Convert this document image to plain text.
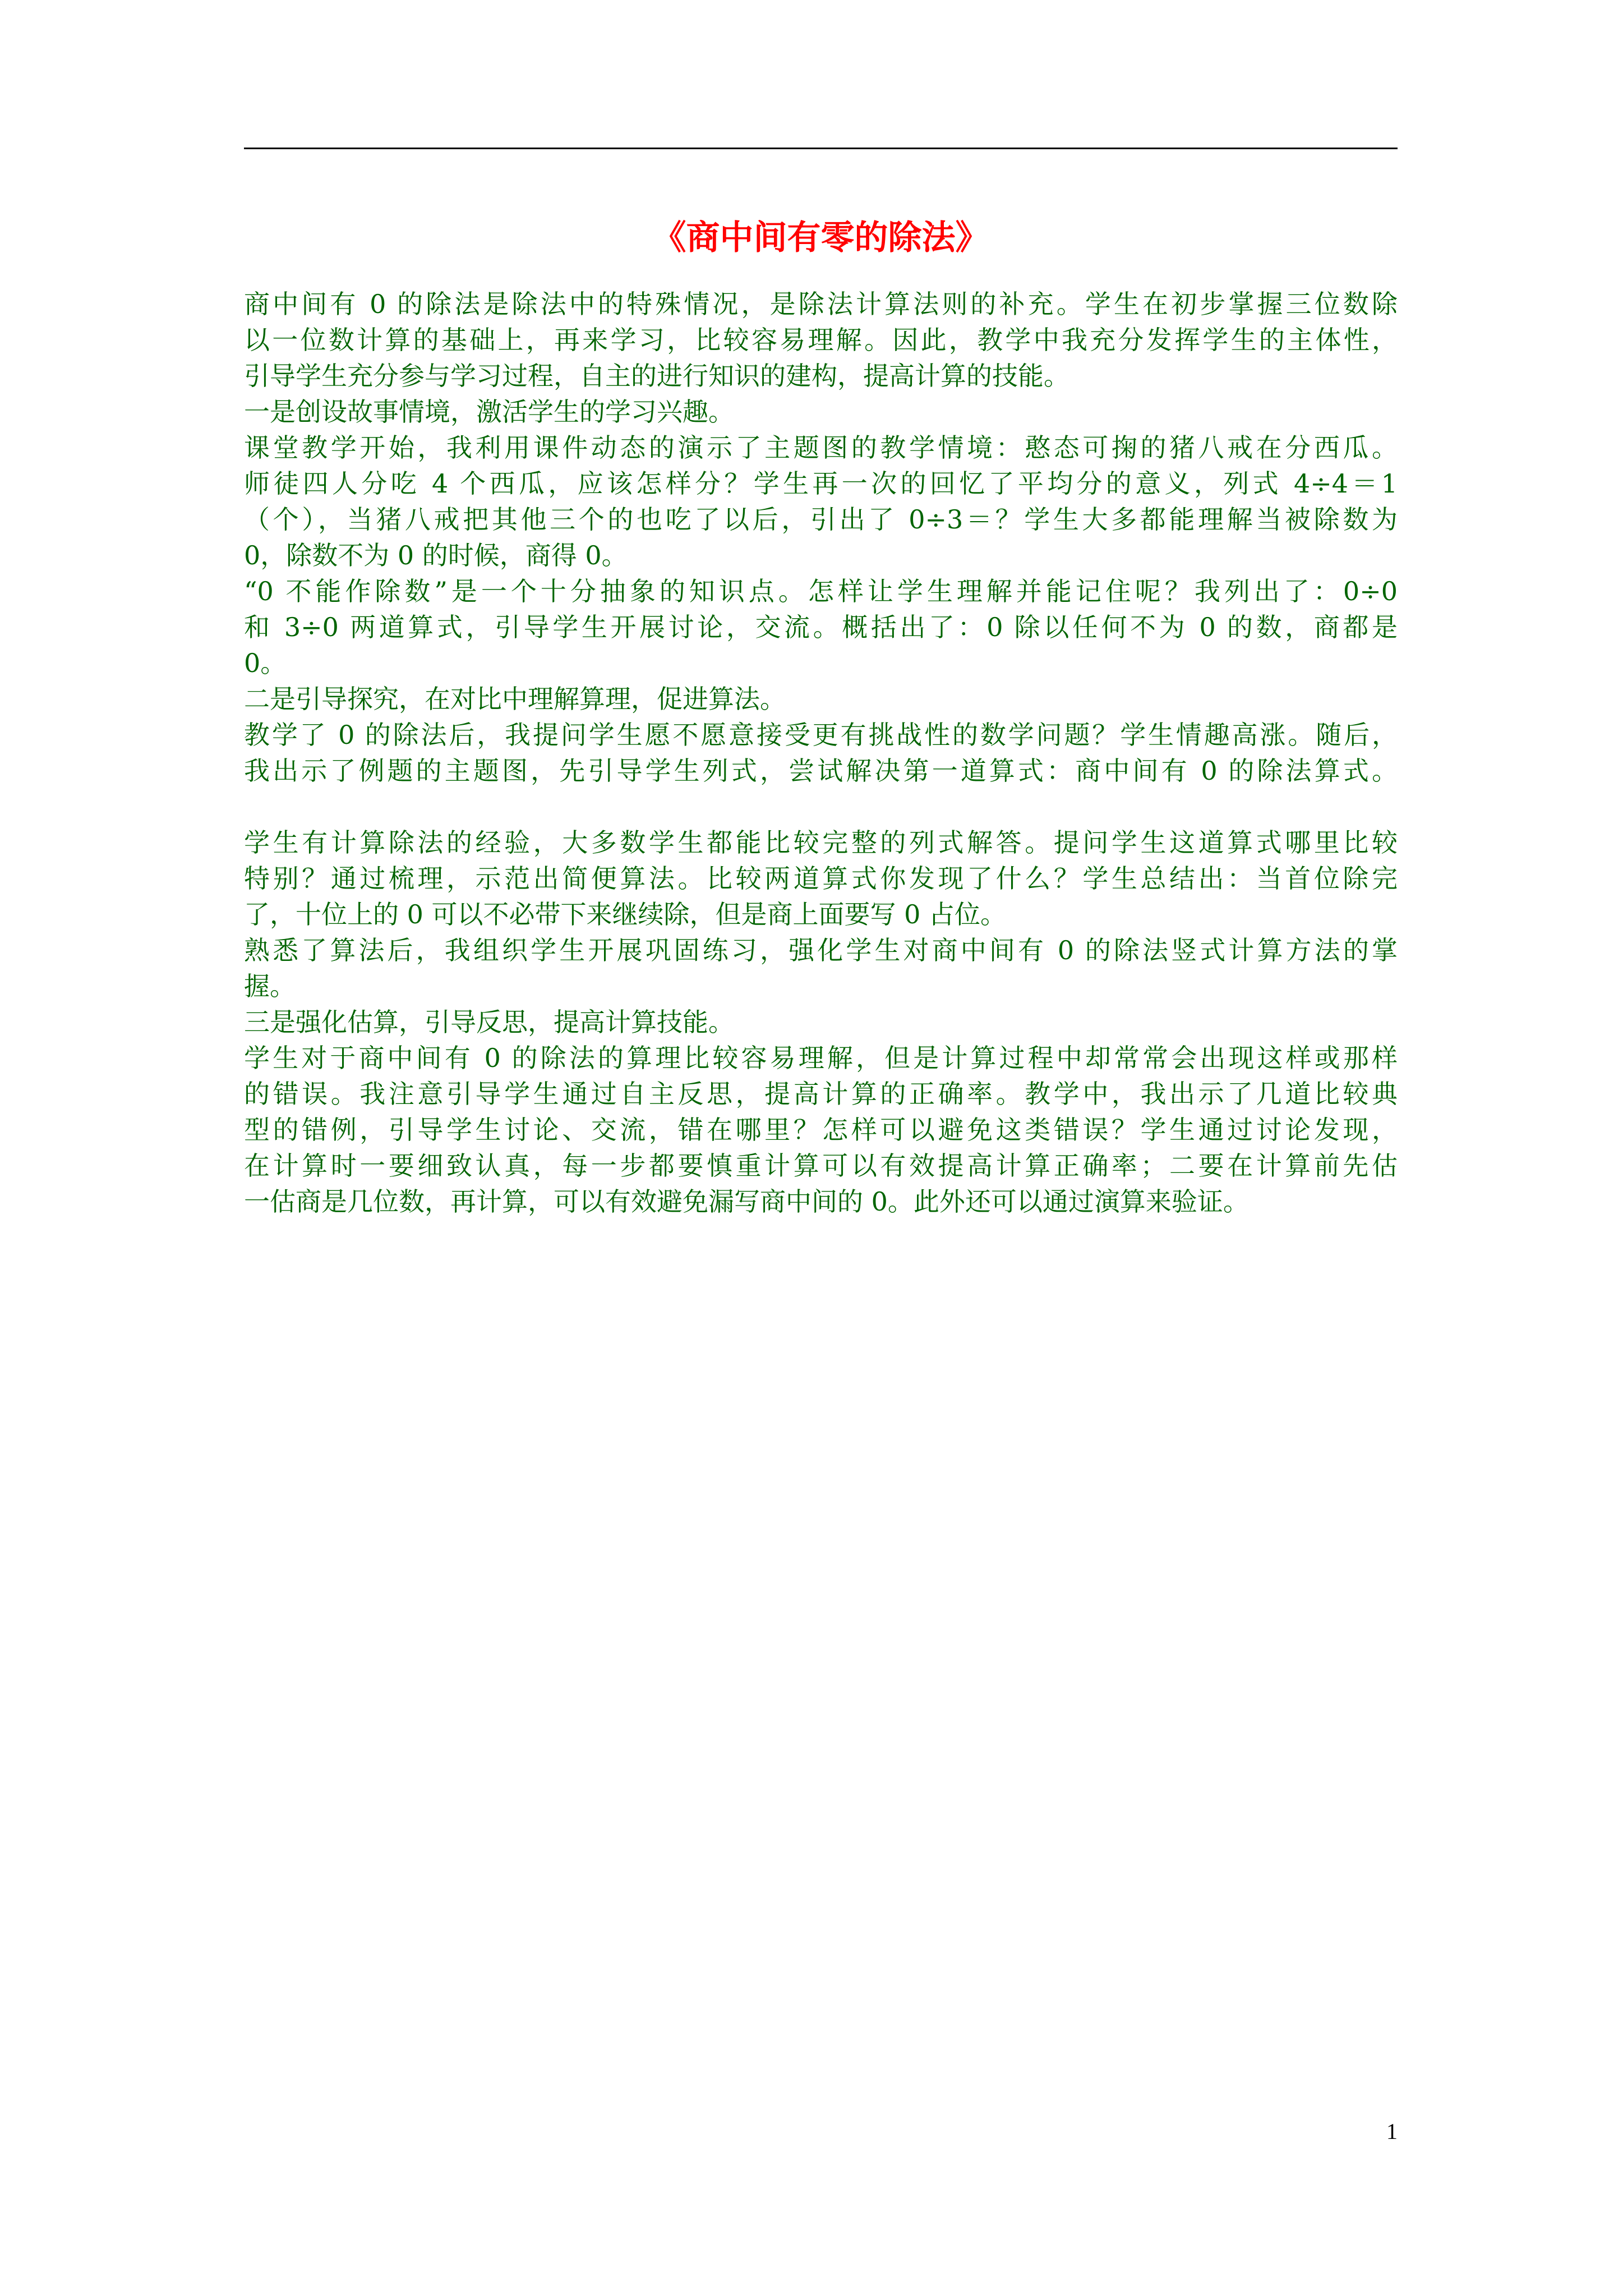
《商中间有零的除法》
商中间有 0 的除法是除法中的特殊情况，是除法计算法则的补充。学生在初步掌握三位数除
以一位数计算的基础上，再来学习，比较容易理解。因此，教学中我充分发挥学生的主体性，
引导学生充分参与学习过程，自主的进行知识的建构，提高计算的技能。
一是创设故事情境，激活学生的学习兴趣。
课堂教学开始，我利用课件动态的演示了主题图的教学情境：憨态可掬的猪八戒在分西瓜。
师徒四人分吃 4 个西瓜，应该怎样分？学生再一次的回忆了平均分的意义，列式 4÷4＝1
（个），当猪八戒把其他三个的也吃了以后，引出了 0÷3＝？学生大多都能理解当被除数为
0，除数不为 0 的时候，商得 0。
“0 不能作除数”是一个十分抽象的知识点。怎样让学生理解并能记住呢？我列出了：0÷0
和 3÷0 两道算式，引导学生开展讨论，交流。概括出了：0 除以任何不为 0 的数，商都是
0。
二是引导探究，在对比中理解算理，促进算法。
教学了 0 的除法后，我提问学生愿不愿意接受更有挑战性的数学问题？学生情趣高涨。随后，
我出示了例题的主题图，先引导学生列式，尝试解决第一道算式：商中间有 0 的除法算式。
学生有计算除法的经验，大多数学生都能比较完整的列式解答。提问学生这道算式哪里比较
特别？通过梳理，示范出简便算法。比较两道算式你发现了什么？学生总结出：当首位除完
了，十位上的 0 可以不必带下来继续除，但是商上面要写 0 占位。
熟悉了算法后，我组织学生开展巩固练习，强化学生对商中间有 0 的除法竖式计算方法的掌
握。
三是强化估算，引导反思，提高计算技能。
学生对于商中间有 0 的除法的算理比较容易理解，但是计算过程中却常常会出现这样或那样
的错误。我注意引导学生通过自主反思，提高计算的正确率。教学中，我出示了几道比较典
型的错例，引导学生讨论、交流，错在哪里？怎样可以避免这类错误？学生通过讨论发现，
在计算时一要细致认真，每一步都要慎重计算可以有效提高计算正确率；二要在计算前先估
一估商是几位数，再计算，可以有效避免漏写商中间的 0。此外还可以通过演算来验证。
1
